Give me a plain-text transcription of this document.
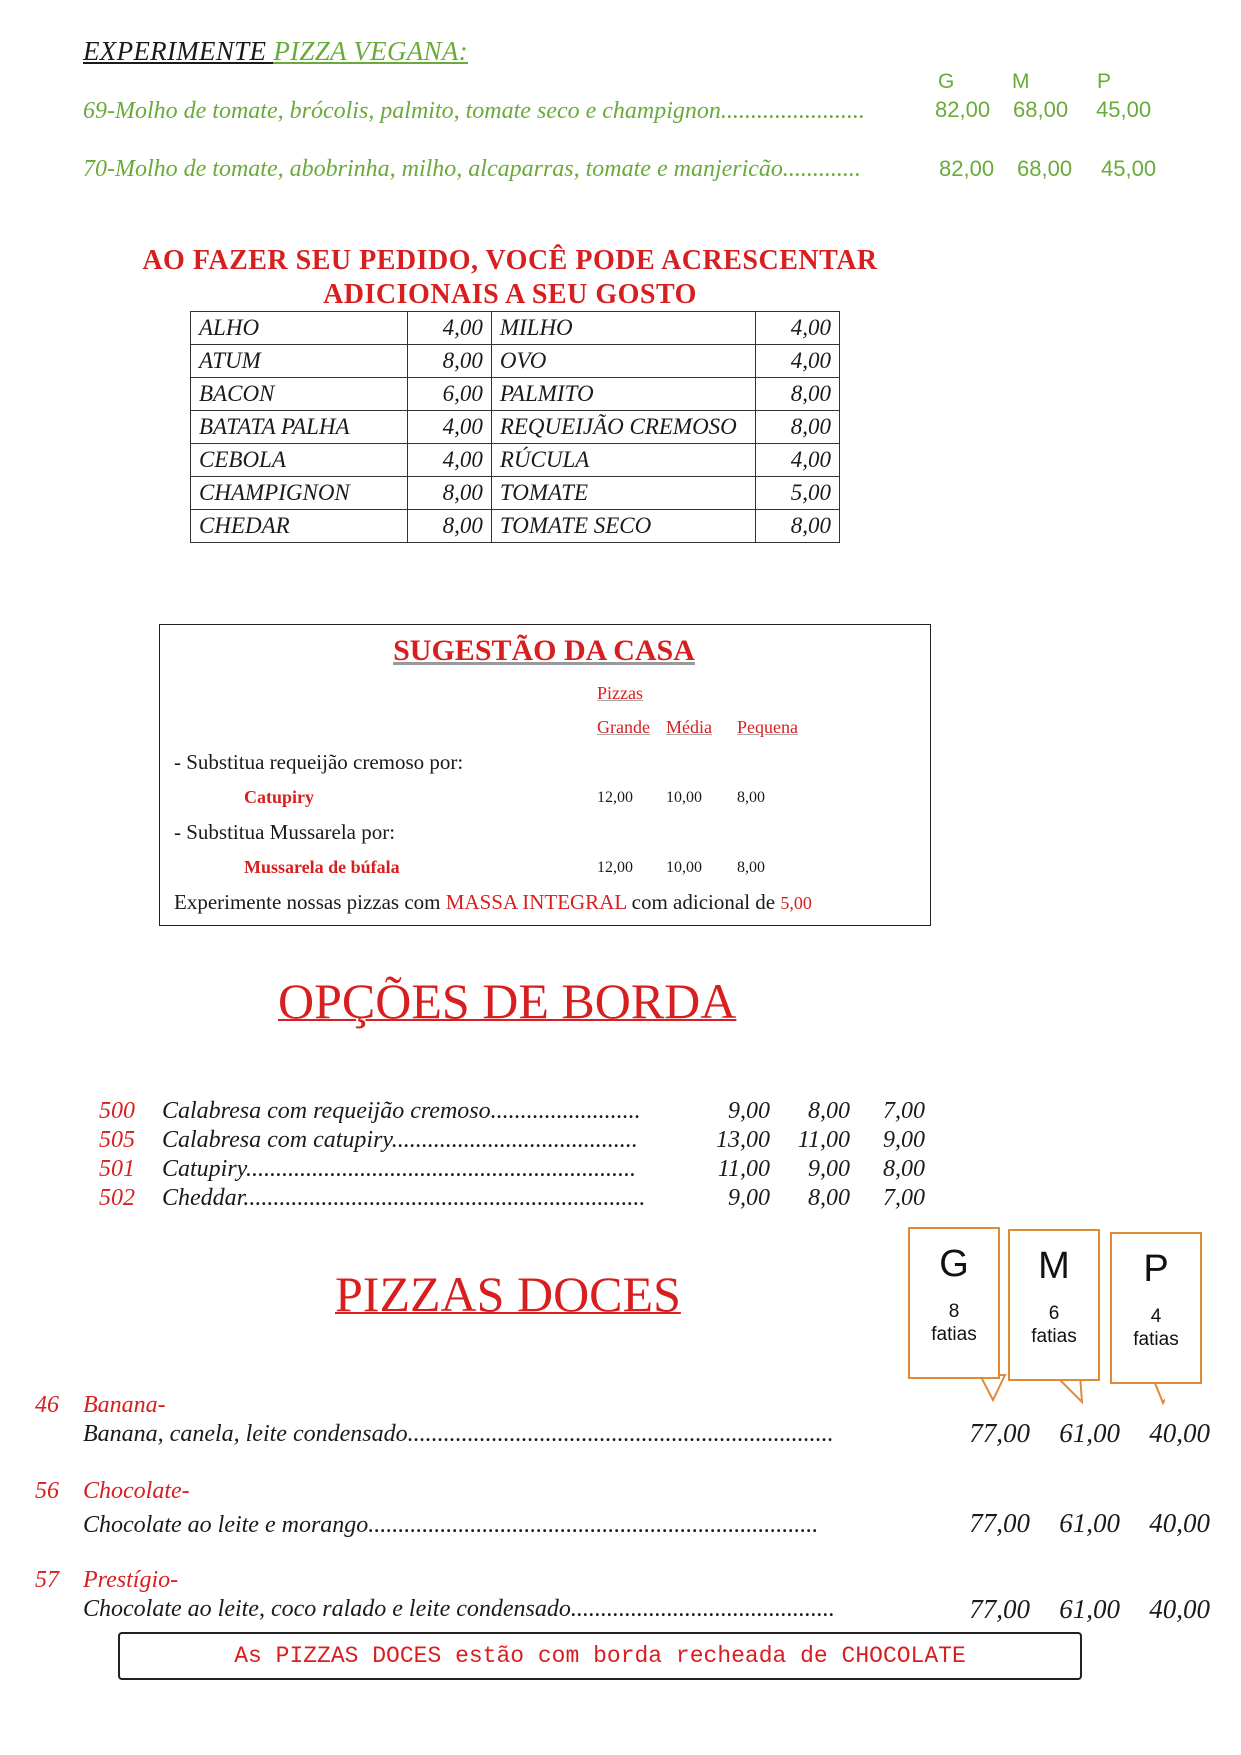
EXPERIMENTE PIZZA VEGANA:
G	M	P
69-Molho de tomate, brócolis, palmito, tomate seco e champignon........................	82,00 68,00 45,00
70-Molho de tomate, abobrinha, milho, alcaparras, tomate e manjericão.............	82,00 68,00 45,00
AO FAZER SEU PEDIDO, VOCÊ PODE ACRESCENTAR
ADICIONAIS A SEU GOSTO
ALHO	4,00	MILHO	4,00
ATUM	8,00	OVO	4,00
BACON	6,00	PALMITO	8,00
BATATA PALHA	4,00	REQUEIJÃO CREMOSO	8,00
CEBOLA	4,00	RÚCULA	4,00
CHAMPIGNON	8,00	TOMATE	5,00
CHEDAR	8,00	TOMATE SECO	8,00
SUGESTÃO DA CASA
Pizzas
Grande Média Pequena
- Substitua requeijão cremoso por:
Catupiry	12,00 10,00 8,00
- Substitua Mussarela por:
Mussarela de búfala	12,00 10,00 8,00
Experimente nossas pizzas com MASSA INTEGRAL com adicional de 5,00
OPÇÕES DE BORDA
500 Calabresa com requeijão cremoso.........................	9,00	8,00	7,00
505 Calabresa com catupiry.........................................	13,00	11,00	9,00
501 Catupiry.................................................................	11,00	9,00	8,00
502 Cheddar...................................................................	9,00	8,00	7,00
G
8
fatias
M
6
fatias
P
4
fatias
PIZZAS DOCES
46 Banana-
Banana, canela, leite condensado.......................................................................	77,00	61,00	40,00
56 Chocolate-
Chocolate ao leite e morango...........................................................................	77,00	61,00	40,00
57 Prestígio-
Chocolate ao leite, coco ralado e leite condensado............................................	77,00	61,00	40,00
As PIZZAS DOCES estão com borda recheada de CHOCOLATE
